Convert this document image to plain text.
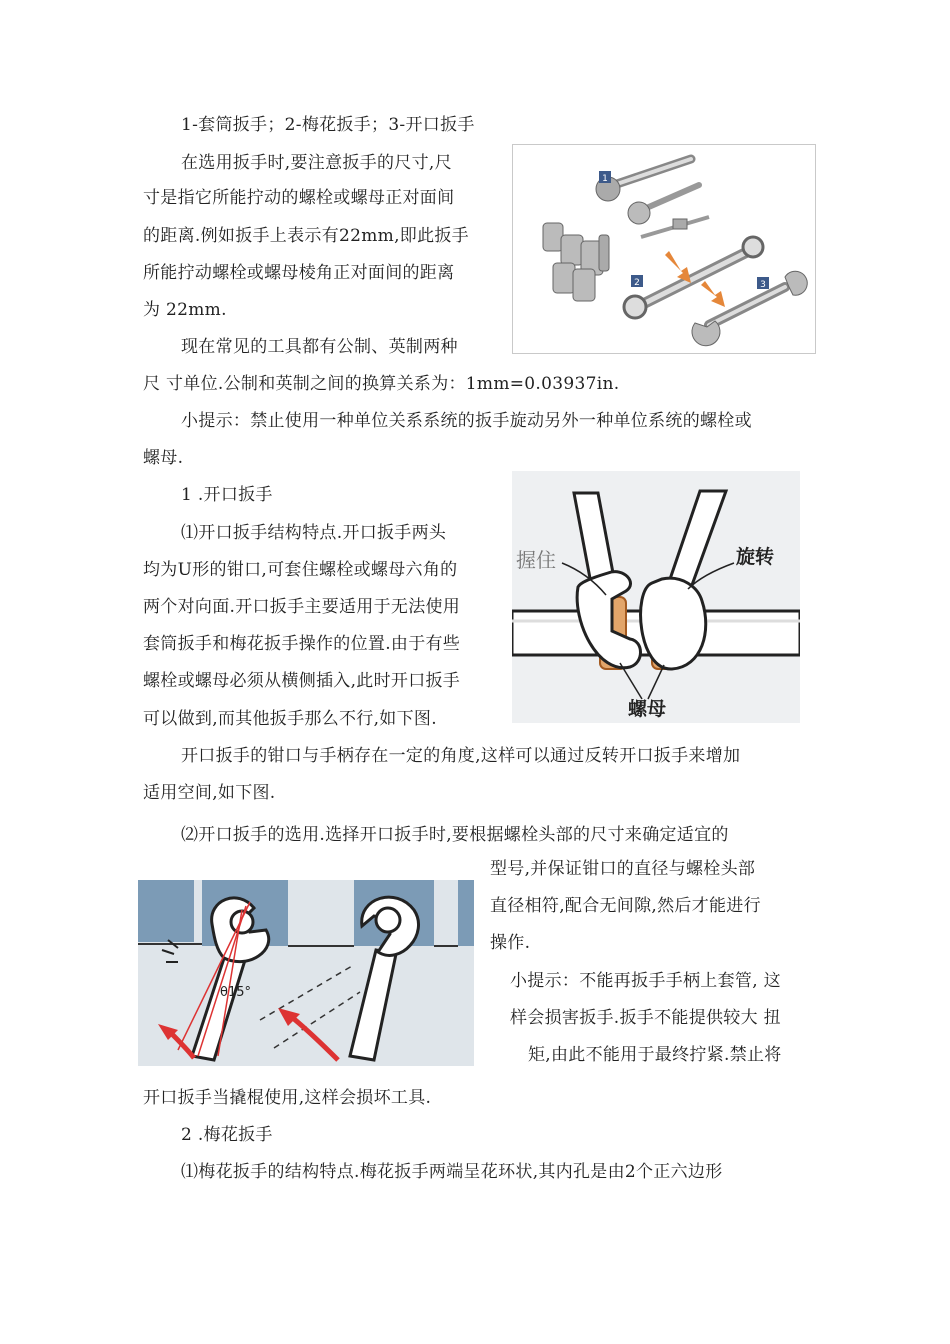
1-套筒扳手；2-梅花扳手；3-开口扳手
在选用扳手时,要注意扳手的尺寸,尺
寸是指它所能拧动的螺栓或螺母正对面间
的距离.例如扳手上表示有22mm,即此扳手
所能拧动螺栓或螺母棱角正对面间的距离
为 22mm.
现在常见的工具都有公制、英制两种
尺 寸单位.公制和英制之间的换算关系为：1mm=0.03937in.
小提示：禁止使用一种单位关系系统的扳手旋动另外一种单位系统的螺栓或
螺母.
1 .开口扳手
⑴开口扳手结构特点.开口扳手两头
均为U形的钳口,可套住螺栓或螺母六角的
两个对向面.开口扳手主要适用于无法使用
套筒扳手和梅花扳手操作的位置.由于有些
螺栓或螺母必须从横侧插入,此时开口扳手
可以做到,而其他扳手那么不行,如下图.
开口扳手的钳口与手柄存在一定的角度,这样可以通过反转开口扳手来增加
适用空间,如下图.
⑵开口扳手的选用.选择开口扳手时,要根据螺栓头部的尺寸来确定适宜的
型号,并保证钳口的直径与螺栓头部
直径相符,配合无间隙,然后才能进行
操作.
小提示：不能再扳手手柄上套管, 这
样会损害扳手.扳手不能提供较大 扭
矩,由此不能用于最终拧紧.禁止将
开口扳手当撬棍使用,这样会损坏工具.
2 .梅花扳手
⑴梅花扳手的结构特点.梅花扳手两端呈花环状,其内孔是由2个正六边形
1
2	3
握住	旋转
螺母
θ15°
